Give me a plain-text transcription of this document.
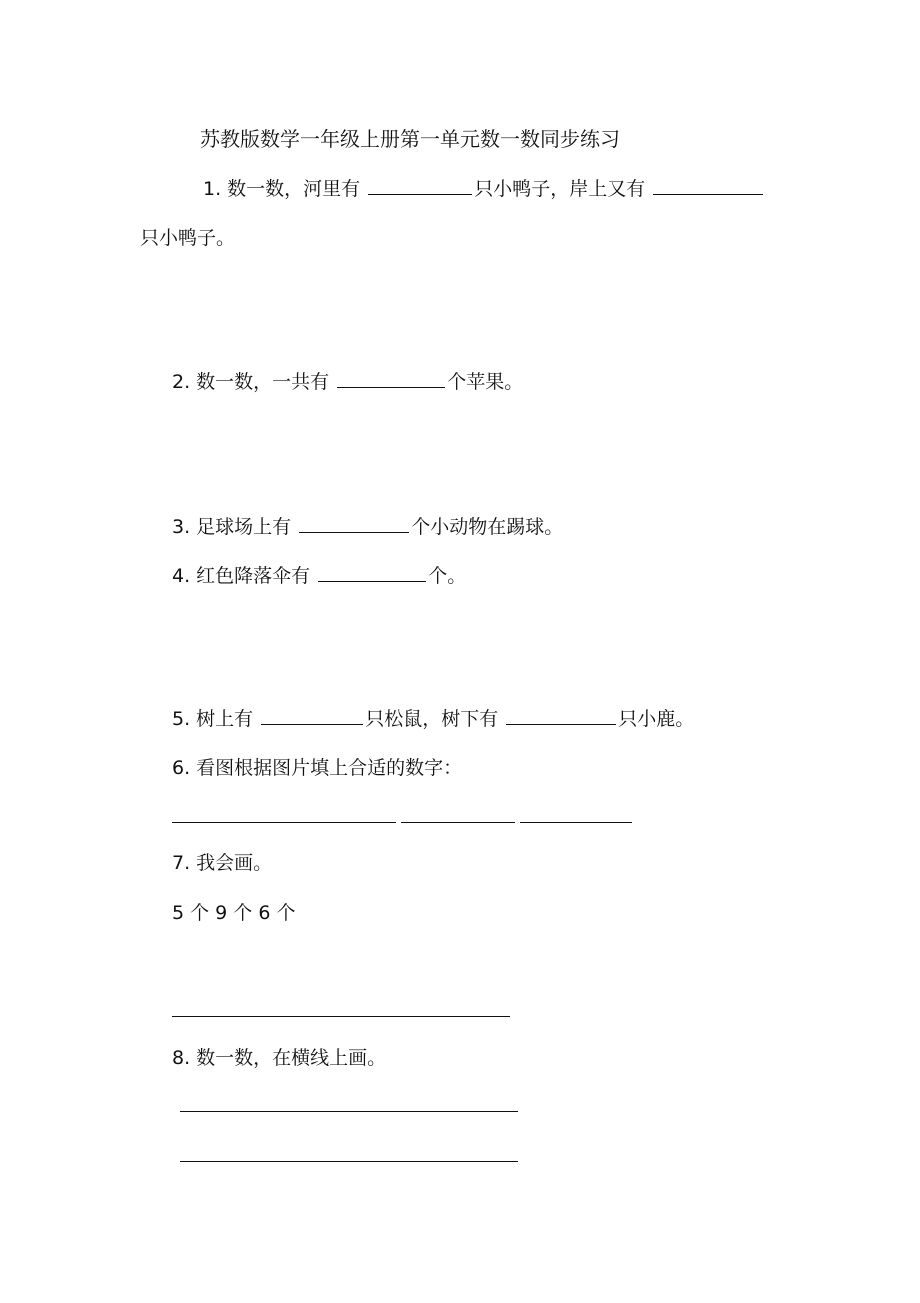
苏教版数学一年级上册第一单元数一数同步练习
1. 数一数，河里有	只小鸭子，岸上又有
只小鸭子。
2. 数一数，一共有	个苹果。
3. 足球场上有	个小动物在踢球。
4. 红色降落伞有	个。
5. 树上有	只松鼠，树下有	只小鹿。
6. 看图根据图片填上合适的数字：
7. 我会画。
5 个 9 个 6 个
8. 数一数，在横线上画。
